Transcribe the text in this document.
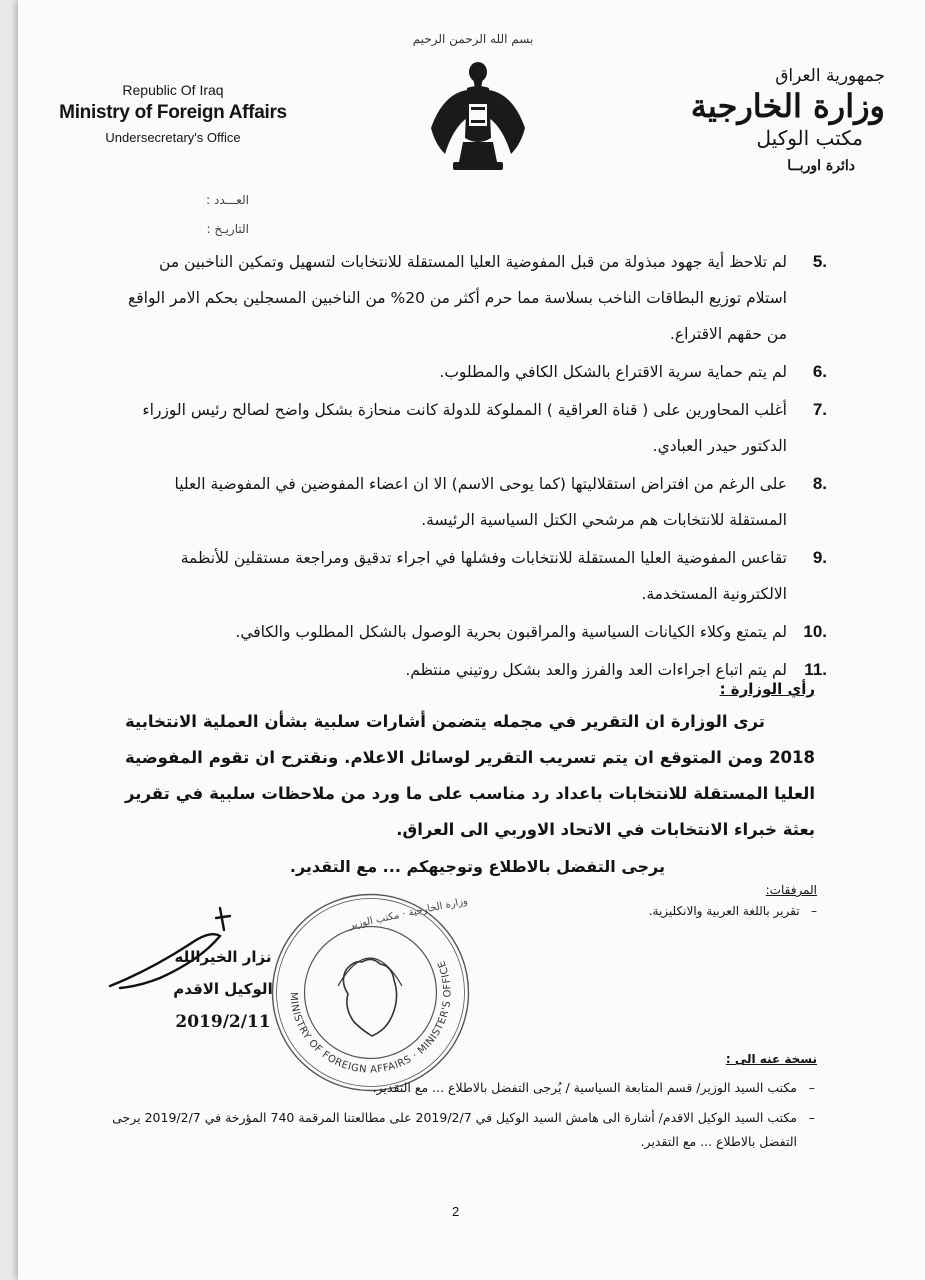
بسم الله الرحمن الرحيم
Republic Of Iraq
Ministry of Foreign Affairs
Undersecretary's Office
جمهورية العراق
وزارة الخارجية
مكتب الوكيل
دائرة اوربــا
العـــدد :
التاريـخ :
5.
لم تلاحظ أية جهود مبذولة من قبل المفوضية العليا المستقلة للانتخابات لتسهيل وتمكين الناخبين من استلام توزيع البطاقات الناخب بسلاسة مما حرم أكثر من 20% من الناخبين المسجلين بحكم الامر الواقع من حقهم الاقتراع.
6.
لم يتم حماية سرية الاقتراع بالشكل الكافي والمطلوب.
7.
أغلب المحاورين على ( قناة العراقية ) المملوكة للدولة كانت منحازة بشكل واضح لصالح رئيس الوزراء الدكتور حيدر العبادي.
8.
على الرغم من افتراض استقلاليتها (كما يوحى الاسم) الا ان اعضاء المفوضين في المفوضية العليا المستقلة للانتخابات هم مرشحي الكتل السياسية الرئيسة.
9.
تقاعس المفوضية العليا المستقلة للانتخابات وفشلها في اجراء تدقيق ومراجعة مستقلين للأنظمة الالكترونية المستخدمة.
10.
لم يتمتع وكلاء الكيانات السياسية والمراقبون بحرية الوصول بالشكل المطلوب والكافي.
11.
لم يتم اتباع اجراءات العد والفرز والعد بشكل روتيني منتظم.
رأي الوزارة :
ترى الوزارة ان التقرير في مجمله يتضمن أشارات سلبية بشأن العملية الانتخابية 2018 ومن المتوقع ان يتم تسريب التقرير لوسائل الاعلام. ونقترح ان تقوم المفوضية العليا المستقلة للانتخابات باعداد رد مناسب على ما ورد من ملاحظات سلبية في تقرير بعثة خبراء الانتخابات في الاتحاد الاوربي الى العراق.
يرجى التفضل بالاطلاع وتوجيهكم ... مع التقدير.
المرفقات:
–   تقرير باللغة العربية والانكليزية.
نزار الخيرالله
الوكيل الاقدم
2019/2/11
MINISTRY OF FOREIGN AFFAIRS · MINISTER'S OFFICE
وزارة الخارجية · مكتب الوزير
نسخة عنه الى :
–
مكتب السيد الوزير/ قسم المتابعة السياسية / يُرجى التفضل بالاطلاع ... مع التقدير.
–
مكتب السيد الوكيل الاقدم/ أشارة الى هامش السيد الوكيل في 2019/2/7 على مطالعتنا المرقمة 740 المؤرخة في 2019/2/7 يرجى التفضل بالاطلاع ... مع التقدير.
2
